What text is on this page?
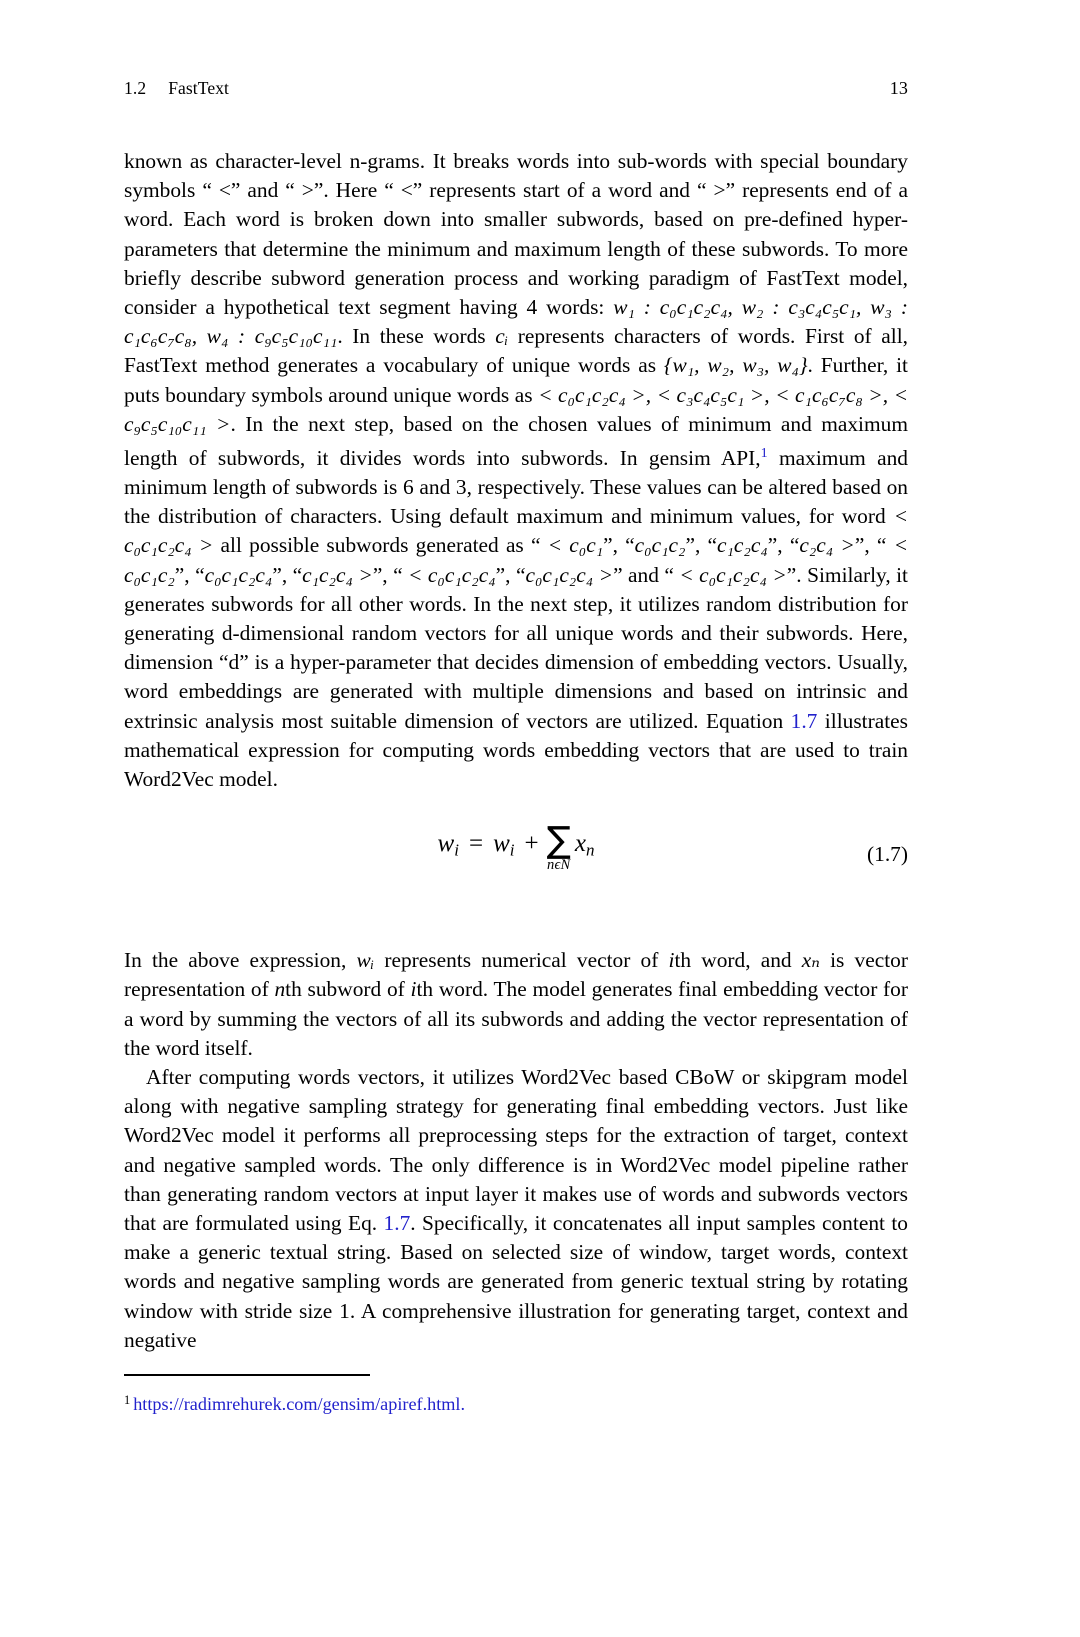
1.2 FastText	13

known as character-level n-grams. It breaks words into sub-words with special boundary symbols “ <” and “ >”. Here “ <” represents start of a word and “ >” represents end of a word. Each word is broken down into smaller subwords, based on pre-defined hyper-parameters that determine the minimum and maximum length of these subwords. To more briefly describe subword generation process and working paradigm of FastText model, consider a hypothetical text segment having 4 words: w₁ : c₀c₁c₂c₄, w₂ : c₃c₄c₅c₁, w₃ : c₁c₆c₇c₈, w₄ : c₉c₅c₁₀c₁₁. In these words cᵢ represents characters of words. First of all, FastText method generates a vocabulary of unique words as {w₁, w₂, w₃, w₄}. Further, it puts boundary symbols around unique words as < c₀c₁c₂c₄ >, < c₃c₄c₅c₁ >, < c₁c₆c₇c₈ >, < c₉c₅c₁₀c₁₁ >. In the next step, based on the chosen values of minimum and maximum length of subwords, it divides words into subwords. In gensim API,$^1$ maximum and minimum length of subwords is 6 and 3, respectively. These values can be altered based on the distribution of characters. Using default maximum and minimum values, for word < c₀c₁c₂c₄ > all possible subwords generated as “ < c₀c₁”, “c₀c₁c₂”, “c₁c₂c₄”, “c₂c₄ >”, “ < c₀c₁c₂”, “c₀c₁c₂c₄”, “c₁c₂c₄ >”, “ < c₀c₁c₂c₄”, “c₀c₁c₂c₄ >” and “ < c₀c₁c₂c₄ >”. Similarly, it generates subwords for all other words. In the next step, it utilizes random distribution for generating d-dimensional random vectors for all unique words and their subwords. Here, dimension “d” is a hyper-parameter that decides dimension of embedding vectors. Usually, word embeddings are generated with multiple dimensions and based on intrinsic and extrinsic analysis most suitable dimension of vectors are utilized. Equation 1.7 illustrates mathematical expression for computing words embedding vectors that are used to train Word2Vec model.

$w_i = w_i$ + ∑
nϵN
$x_n$	(1.7)

In the above expression, wᵢ represents numerical vector of ith word, and xₙ is vector representation of nth subword of ith word. The model generates final embedding vector for a word by summing the vectors of all its subwords and adding the vector representation of the word itself.

After computing words vectors, it utilizes Word2Vec based CBoW or skipgram model along with negative sampling strategy for generating final embedding vectors. Just like Word2Vec model it performs all preprocessing steps for the extraction of target, context and negative sampled words. The only difference is in Word2Vec model pipeline rather than generating random vectors at input layer it makes use of words and subwords vectors that are formulated using Eq. 1.7. Specifically, it concatenates all input samples content to make a generic textual string. Based on selected size of window, target words, context words and negative sampling words are generated from generic textual string by rotating window with stride size 1. A comprehensive illustration for generating target, context and negative

$^1$ https://radimrehurek.com/gensim/apiref.html.
